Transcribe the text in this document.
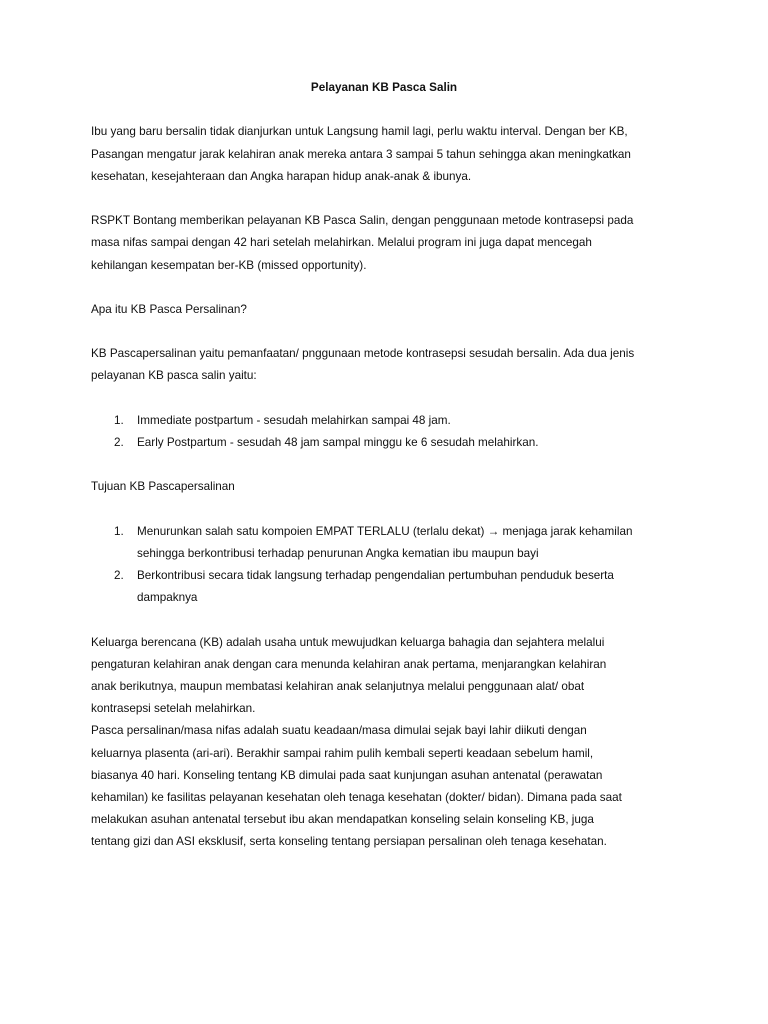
Pelayanan KB Pasca Salin
Ibu yang baru bersalin tidak dianjurkan untuk Langsung hamil lagi, perlu waktu interval. Dengan ber KB,
Pasangan mengatur jarak kelahiran anak mereka antara 3 sampai 5 tahun sehingga akan meningkatkan
kesehatan, kesejahteraan dan Angka harapan hidup anak-anak & ibunya.
RSPKT Bontang memberikan pelayanan KB Pasca Salin, dengan penggunaan metode kontrasepsi pada
masa nifas sampai dengan 42 hari setelah melahirkan. Melalui program ini juga dapat mencegah
kehilangan kesempatan ber-KB (missed opportunity).
Apa itu KB Pasca Persalinan?
KB Pascapersalinan yaitu pemanfaatan/ pnggunaan metode kontrasepsi sesudah bersalin. Ada dua jenis
pelayanan KB pasca salin yaitu:
1.	Immediate postpartum - sesudah melahirkan sampai 48 jam.
2.	Early Postpartum - sesudah 48 jam sampal minggu ke 6 sesudah melahirkan.
Tujuan KB Pascapersalinan
1.	Menurunkan salah satu kompoien EMPAT TERLALU (terlalu dekat) → menjaga jarak kehamilan
sehingga berkontribusi terhadap penurunan Angka kematian ibu maupun bayi
2.	Berkontribusi secara tidak langsung terhadap pengendalian pertumbuhan penduduk beserta
dampaknya
Keluarga berencana (KB) adalah usaha untuk mewujudkan keluarga bahagia dan sejahtera melalui
pengaturan kelahiran anak dengan cara menunda kelahiran anak pertama, menjarangkan kelahiran
anak berikutnya, maupun membatasi kelahiran anak selanjutnya melalui penggunaan alat/ obat
kontrasepsi setelah melahirkan.
Pasca persalinan/masa nifas adalah suatu keadaan/masa dimulai sejak bayi lahir diikuti dengan
keluarnya plasenta (ari-ari). Berakhir sampai rahim pulih kembali seperti keadaan sebelum hamil,
biasanya 40 hari. Konseling tentang KB dimulai pada saat kunjungan asuhan antenatal (perawatan
kehamilan) ke fasilitas pelayanan kesehatan oleh tenaga kesehatan (dokter/ bidan). Dimana pada saat
melakukan asuhan antenatal tersebut ibu akan mendapatkan konseling selain konseling KB, juga
tentang gizi dan ASI eksklusif, serta konseling tentang persiapan persalinan oleh tenaga kesehatan.
